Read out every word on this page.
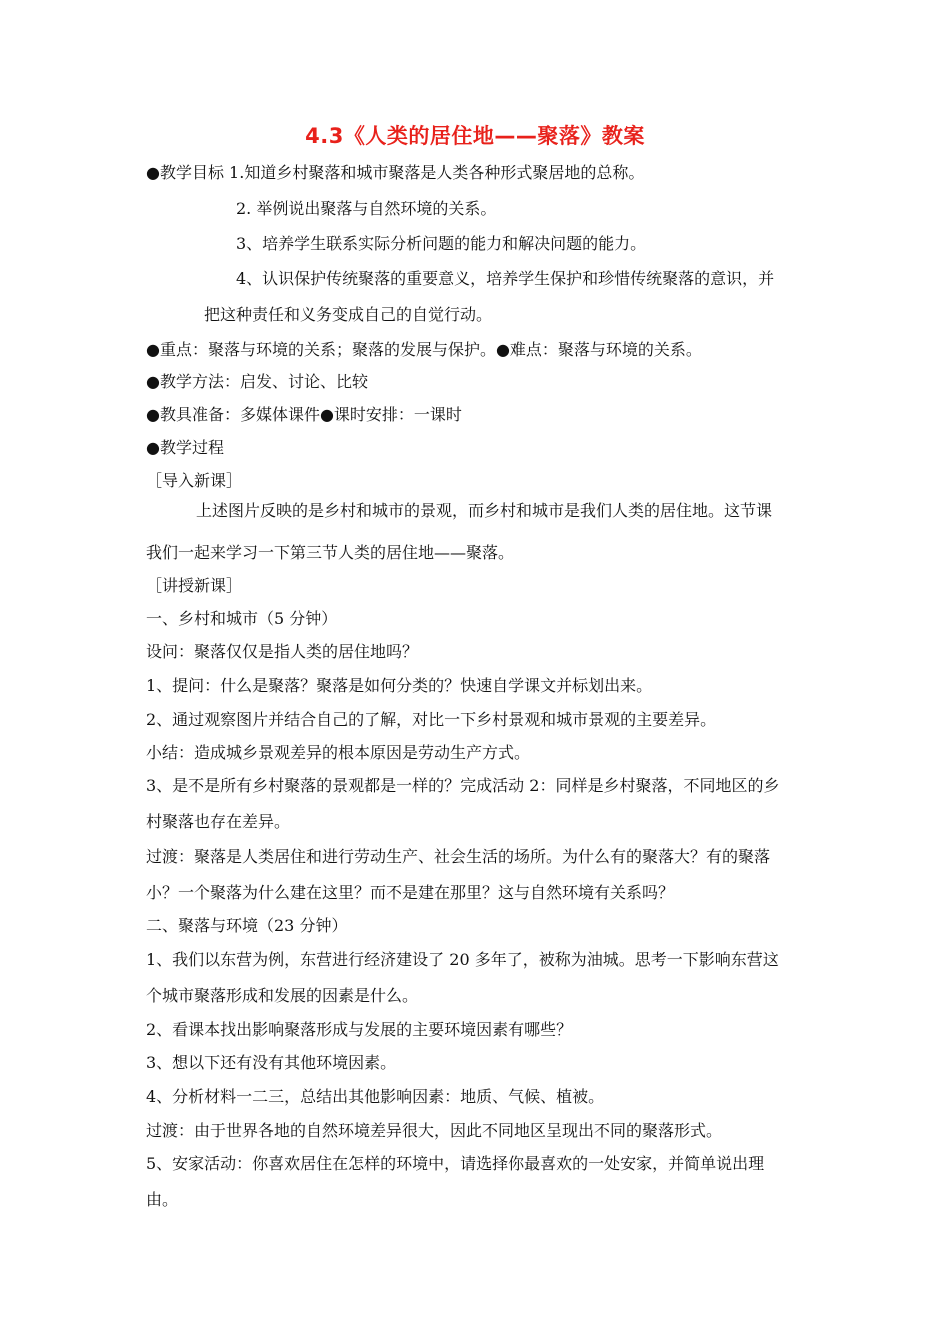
4.3《人类的居住地——聚落》教案
●教学目标 1.知道乡村聚落和城市聚落是人类各种形式聚居地的总称。
2. 举例说出聚落与自然环境的关系。
3、培养学生联系实际分析问题的能力和解决问题的能力。
4、认识保护传统聚落的重要意义，培养学生保护和珍惜传统聚落的意识，并
把这种责任和义务变成自己的自觉行动。
●重点：聚落与环境的关系；聚落的发展与保护。●难点：聚落与环境的关系。
●教学方法：启发、讨论、比较
●教具准备：多媒体课件●课时安排：一课时
●教学过程
［导入新课］
上述图片反映的是乡村和城市的景观，而乡村和城市是我们人类的居住地。这节课
我们一起来学习一下第三节人类的居住地——聚落。
［讲授新课］
一、乡村和城市（5 分钟）
设问：聚落仅仅是指人类的居住地吗？
1、提问：什么是聚落？聚落是如何分类的？快速自学课文并标划出来。
2、通过观察图片并结合自己的了解，对比一下乡村景观和城市景观的主要差异。
小结：造成城乡景观差异的根本原因是劳动生产方式。
3、是不是所有乡村聚落的景观都是一样的？完成活动 2：同样是乡村聚落，不同地区的乡
村聚落也存在差异。
过渡：聚落是人类居住和进行劳动生产、社会生活的场所。为什么有的聚落大？有的聚落
小？一个聚落为什么建在这里？而不是建在那里？这与自然环境有关系吗？
二、聚落与环境（23 分钟）
1、我们以东营为例，东营进行经济建设了 20 多年了，被称为油城。思考一下影响东营这
个城市聚落形成和发展的因素是什么。
2、看课本找出影响聚落形成与发展的主要环境因素有哪些？
3、想以下还有没有其他环境因素。
4、分析材料一二三，总结出其他影响因素：地质、气候、植被。
过渡：由于世界各地的自然环境差异很大，因此不同地区呈现出不同的聚落形式。
5、安家活动：你喜欢居住在怎样的环境中，请选择你最喜欢的一处安家，并简单说出理
由。
